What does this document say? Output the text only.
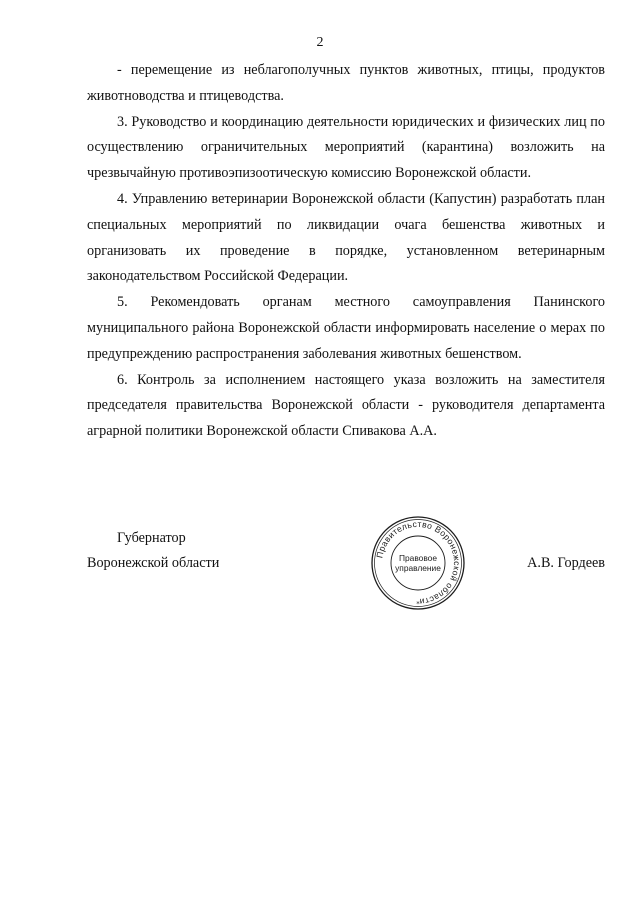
2

- перемещение из неблагополучных пунктов животных, птицы, продуктов животноводства и птицеводства.

3. Руководство и координацию деятельности юридических и физических лиц по осуществлению ограничительных мероприятий (карантина) возложить на чрезвычайную противоэпизоотическую комиссию Воронежской области.

4. Управлению ветеринарии Воронежской области (Капустин) разработать план специальных мероприятий по ликвидации очага бешенства животных и организовать их проведение в порядке, установленном ветеринарным законодательством Российской Федерации.

5. Рекомендовать органам местного самоуправления Панинского муниципального района Воронежской области информировать население о мерах по предупреждению распространения заболевания животных бешенством.

6. Контроль за исполнением настоящего указа возложить на заместителя председателя правительства Воронежской области - руководителя департамента аграрной политики Воронежской области Спивакова А.А.

Губернатор
Воронежской области
Правительство Воронежской области
Правовое
управление
*
А.В. Гордеев
